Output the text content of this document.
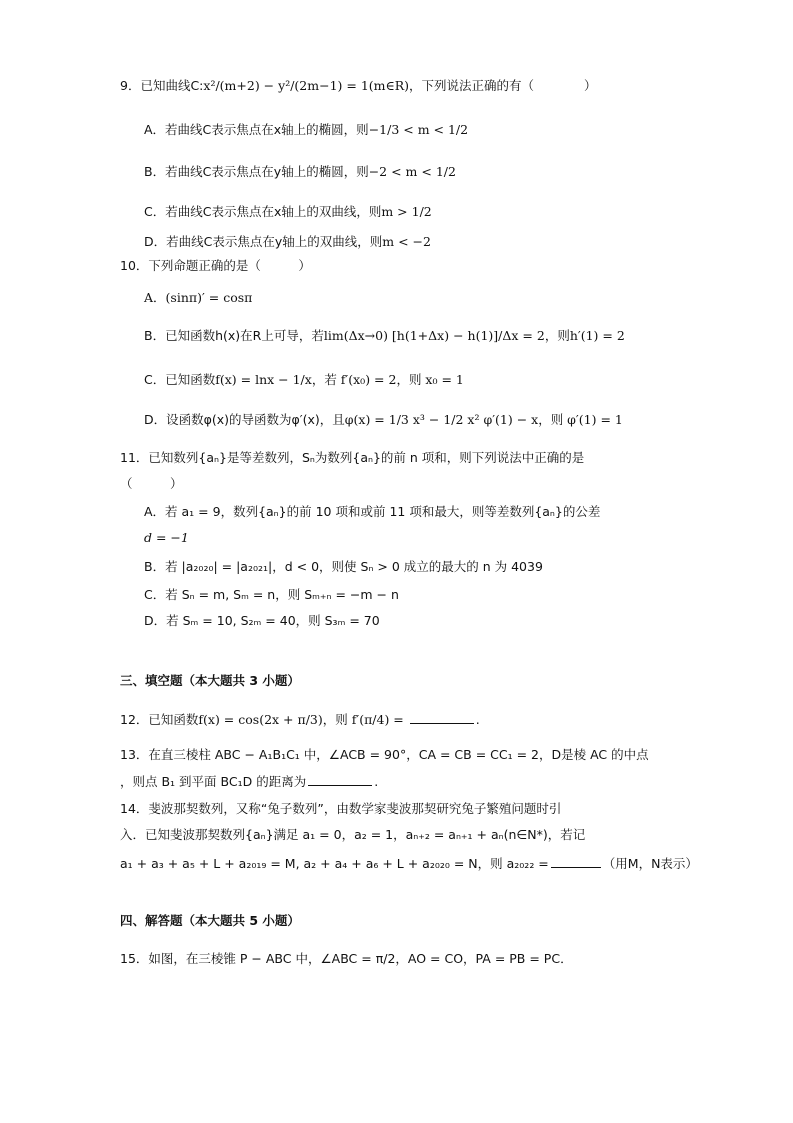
9．已知曲线C:x²/(m+2) − y²/(2m−1) = 1(m∈R)，下列说法正确的有（　　　　）
A．若曲线C表示焦点在x轴上的椭圆，则−1/3 < m < 1/2
B．若曲线C表示焦点在y轴上的椭圆，则−2 < m < 1/2
C．若曲线C表示焦点在x轴上的双曲线，则m > 1/2
D．若曲线C表示焦点在y轴上的双曲线，则m < −2
10．下列命题正确的是（　　　）
A．(sinπ)′ = cosπ
B．已知函数h(x)在R上可导，若lim(Δx→0) [h(1+Δx) − h(1)]/Δx = 2，则h′(1) = 2
C．已知函数f(x) = lnx − 1/x，若 f′(x₀) = 2，则 x₀ = 1
D．设函数φ(x)的导函数为φ′(x)，且φ(x) = 1/3 x³ − 1/2 x² φ′(1) − x，则 φ′(1) = 1
11．已知数列{aₙ}是等差数列，Sₙ为数列{aₙ}的前 n 项和，则下列说法中正确的是
（　　　）
A．若 a₁ = 9，数列{aₙ}的前 10 项和或前 11 项和最大，则等差数列{aₙ}的公差
d = −1
B．若 |a₂₀₂₀| = |a₂₀₂₁|，d < 0，则使 Sₙ > 0 成立的最大的 n 为 4039
C．若 Sₙ = m, Sₘ = n，则 Sₘ₊ₙ = −m − n
D．若 Sₘ = 10, S₂ₘ = 40，则 S₃ₘ = 70
三、填空题（本大题共 3 小题）
12．已知函数f(x) = cos(2x + π/3)，则 f′(π/4) =	.
13．在直三棱柱 ABC − A₁B₁C₁ 中，∠ACB = 90°，CA = CB = CC₁ = 2，D是棱 AC 的中点
，则点 B₁ 到平面 BC₁D 的距离为	.
14．斐波那契数列，又称“兔子数列”，由数学家斐波那契研究兔子繁殖问题时引
入．已知斐波那契数列{aₙ}满足 a₁ = 0，a₂ = 1，aₙ₊₂ = aₙ₊₁ + aₙ(n∈N*)，若记
a₁ + a₃ + a₅ + L + a₂₀₁₉ = M, a₂ + a₄ + a₆ + L + a₂₀₂₀ = N，则 a₂₀₂₂ =	（用M，N表示）
四、解答题（本大题共 5 小题）
15．如图，在三棱锥 P − ABC 中，∠ABC = π/2，AO = CO，PA = PB = PC．
